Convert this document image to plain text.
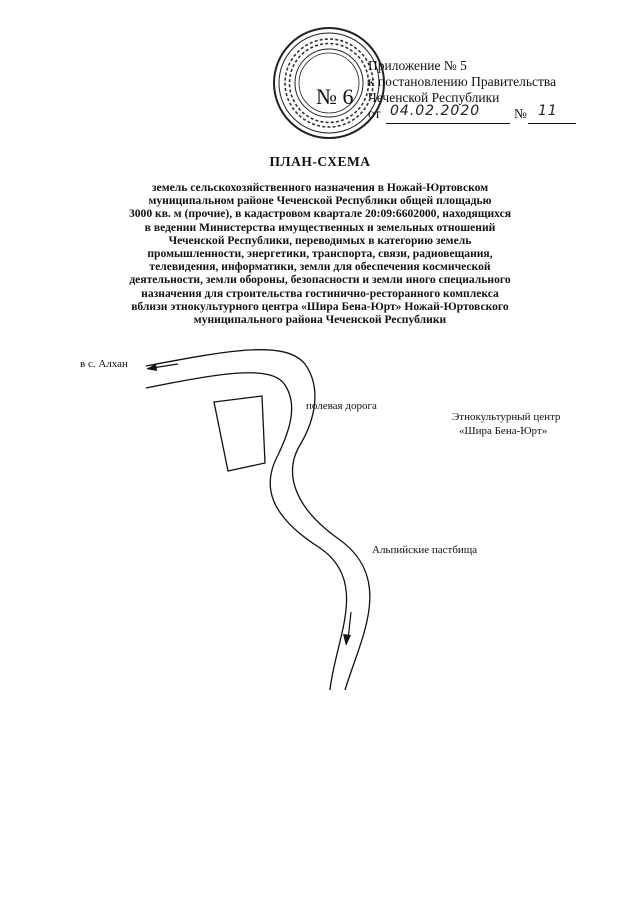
№ 6
Приложение № 5
к постановлению Правительства
Чеченской Республики
от 04.02.2020	№ 11
ПЛАН-СХЕМА
земель сельскохозяйственного назначения в Ножай-Юртовском
муниципальном районе Чеченской Республики общей площадью
3000 кв. м (прочие), в кадастровом квартале 20:09:6602000, находящихся
в ведении Министерства имущественных и земельных отношений
Чеченской Республики, переводимых в категорию земель
промышленности, энергетики, транспорта, связи, радиовещания,
телевидения, информатики, земли для обеспечения космической
деятельности, земли обороны, безопасности и земли иного специального
назначения для строительства гостинично-ресторанного комплекса
вблизи этнокультурного центра «Шира Бена-Юрт» Ножай-Юртовского
муниципального района Чеченской Республики
в с. Алхан
полевая дорога
Этнокультурный центр
«Шира Бена-Юрт»
Альпийские пастбища
